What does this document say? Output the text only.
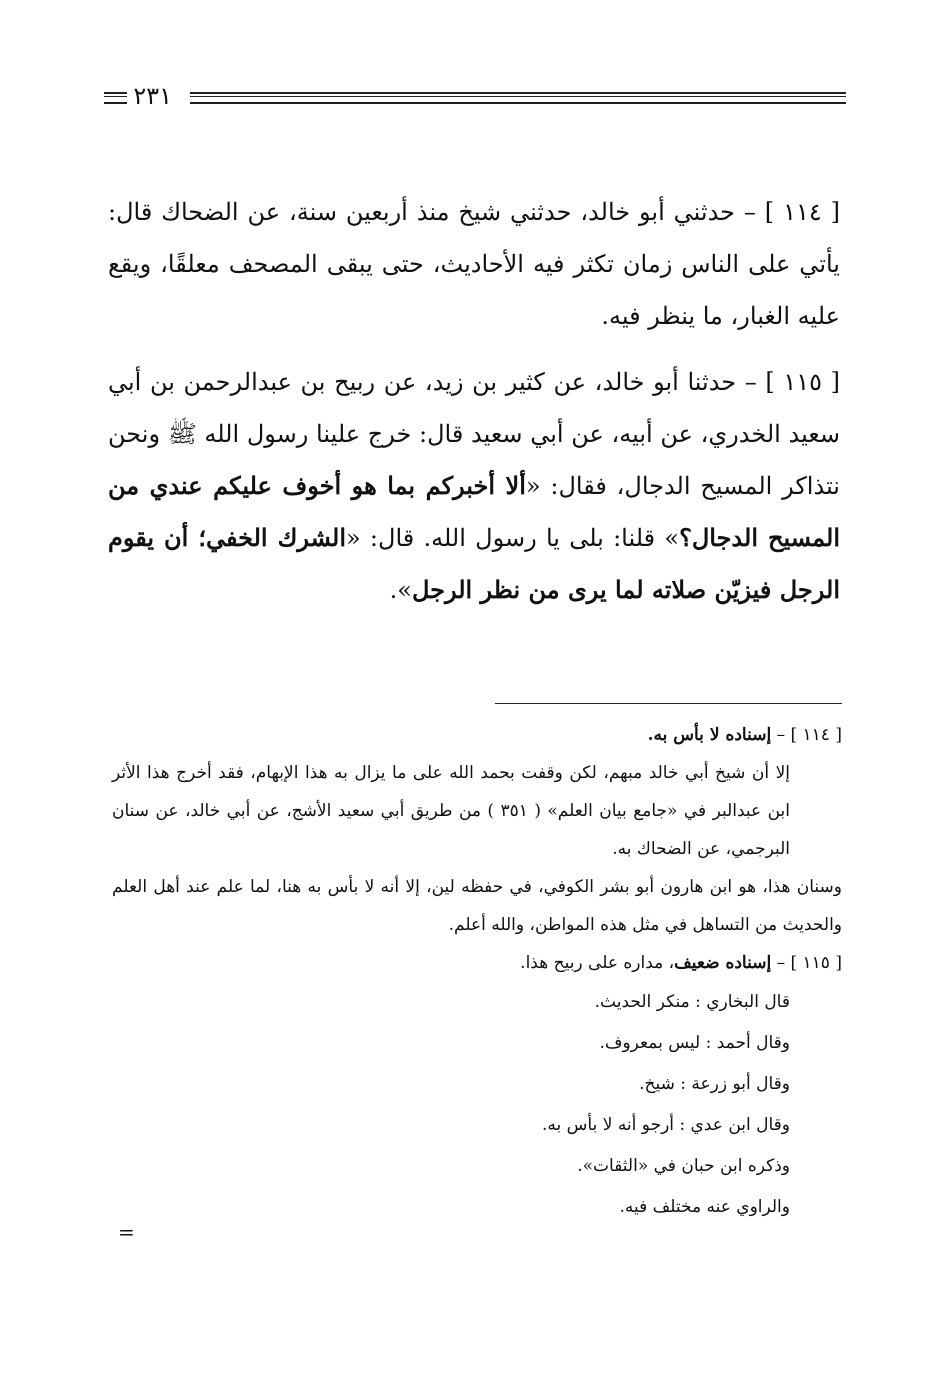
٢٣١

[ ١١٤ ] – حدثني أبو خالد، حدثني شيخ منذ أربعين سنة، عن الضحاك قال: يأتي على الناس زمان تكثر فيه الأحاديث، حتى يبقى المصحف معلقًا، ويقع عليه الغبار، ما ينظر فيه.

[ ١١٥ ] – حدثنا أبو خالد، عن كثير بن زيد، عن ربيح بن عبدالرحمن بن أبي سعيد الخدري، عن أبيه، عن أبي سعيد قال: خرج علينا رسول الله ﷺ ونحن نتذاكر المسيح الدجال، فقال: «ألا أخبركم بما هو أخوف عليكم عندي من المسيح الدجال؟» قلنا: بلى يا رسول الله. قال: «الشرك الخفي؛ أن يقوم الرجل فيزيّن صلاته لما يرى من نظر الرجل».

[ ١١٤ ] – إسناده لا بأس به.

إلا أن شيخ أبي خالد مبهم، لكن وقفت بحمد الله على ما يزال به هذا الإبهام، فقد أخرج هذا الأثر ابن عبدالبر في «جامع بيان العلم» ( ٣٥١ ) من طريق أبي سعيد الأشج، عن أبي خالد، عن سنان البرجمي، عن الضحاك به.

وسنان هذا، هو ابن هارون أبو بشر الكوفي، في حفظه لين، إلا أنه لا بأس به هنا، لما علم عند أهل العلم والحديث من التساهل في مثل هذه المواطن، والله أعلم.

[ ١١٥ ] – إسناده ضعيف، مداره على ربيح هذا.

قال البخاري : منكر الحديث.
وقال أحمد : ليس بمعروف.
وقال أبو زرعة : شيخ.
وقال ابن عدي : أرجو أنه لا بأس به.
وذكره ابن حبان في «الثقات».
والراوي عنه مختلف فيه.
=
